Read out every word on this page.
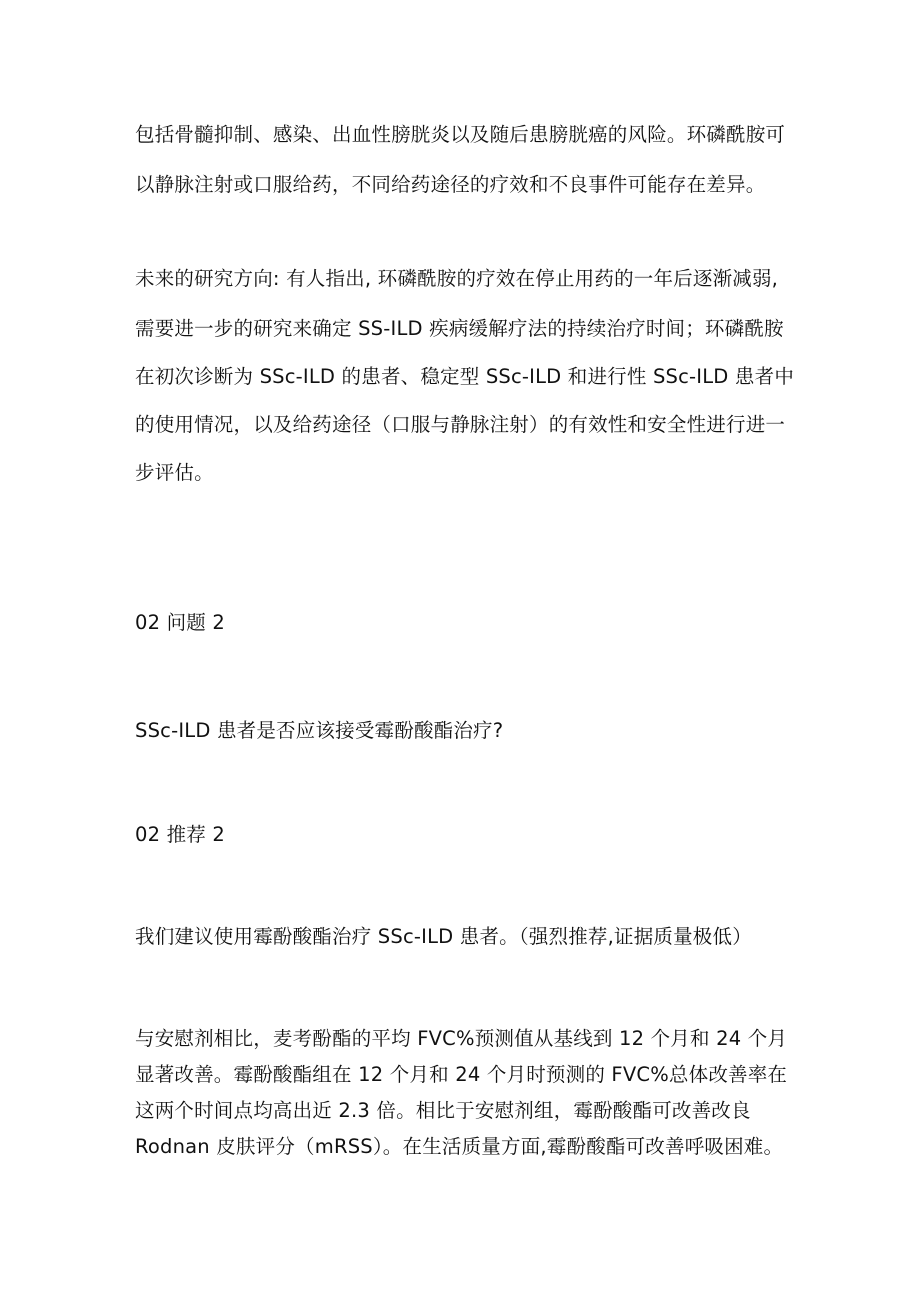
包括骨髓抑制、感染、出血性膀胱炎以及随后患膀胱癌的风险。环磷酰胺可

以静脉注射或口服给药，不同给药途径的疗效和不良事件可能存在差异。

未来的研究方向: 有人指出, 环磷酰胺的疗效在停止用药的一年后逐渐减弱,

需要进一步的研究来确定 SS-ILD 疾病缓解疗法的持续治疗时间；环磷酰胺

在初次诊断为 SSc-ILD 的患者、稳定型 SSc-ILD 和进行性 SSc-ILD 患者中

的使用情况，以及给药途径（口服与静脉注射）的有效性和安全性进行进一

步评估。

02 问题 2

SSc-ILD 患者是否应该接受霉酚酸酯治疗?

02 推荐 2

我们建议使用霉酚酸酯治疗 SSc-ILD 患者。（强烈推荐,证据质量极低）

与安慰剂相比，麦考酚酯的平均 FVC%预测值从基线到 12 个月和 24 个月

显著改善。霉酚酸酯组在 12 个月和 24 个月时预测的 FVC%总体改善率在

这两个时间点均高出近 2.3 倍。相比于安慰剂组，霉酚酸酯可改善改良

Rodnan 皮肤评分（mRSS）。在生活质量方面,霉酚酸酯可改善呼吸困难。
